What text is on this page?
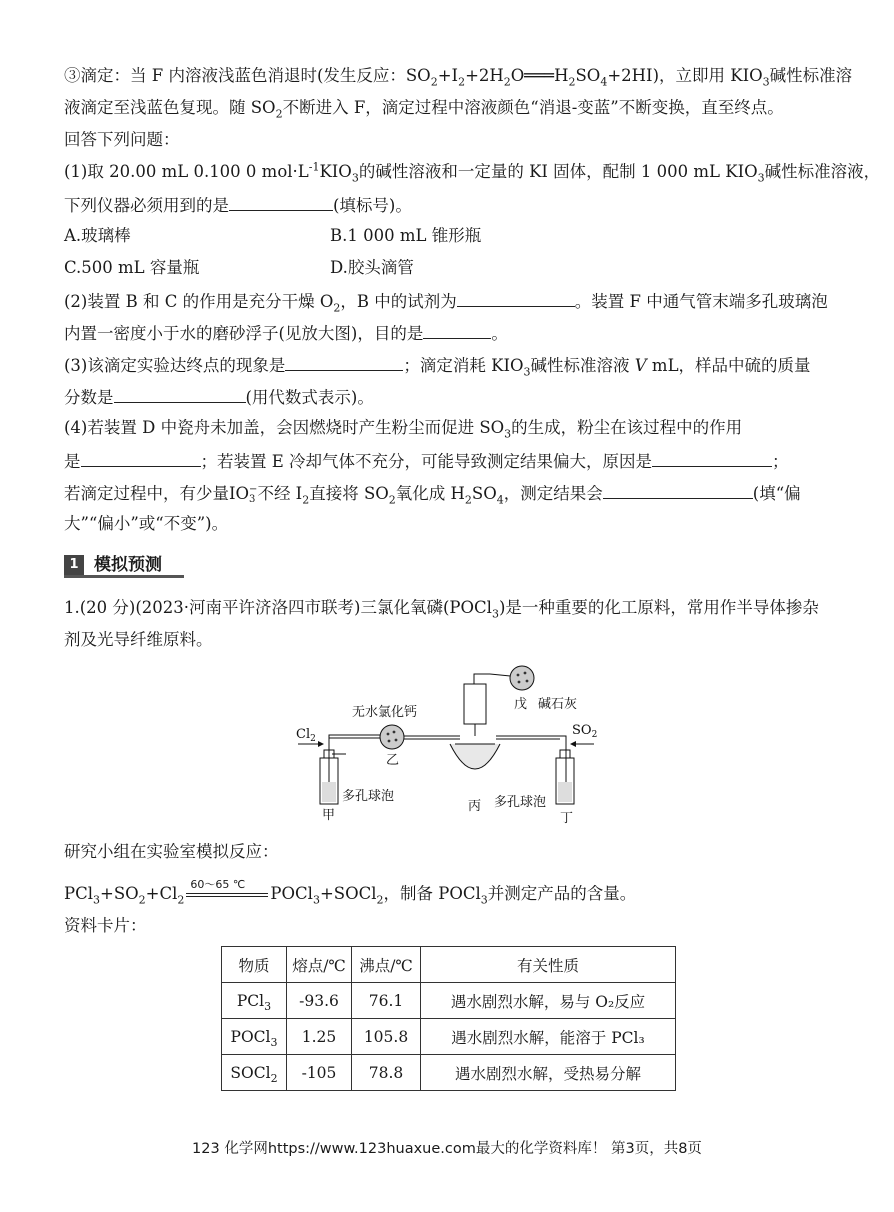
③滴定：当 F 内溶液浅蓝色消退时(发生反应：$SO_2+I_2+2H_2O═══H_2SO_4+2HI$)，立即用 $KIO_3$碱性标准溶
液滴定至浅蓝色复现。随 $SO_2$不断进入 F，滴定过程中溶液颜色“消退-变蓝”不断变换，直至终点。
回答下列问题：
(1)取 20.00 mL 0.100 0 $mol\cdot L^{-1}KIO_3$的碱性溶液和一定量的 KI 固体，配制 1 000 mL $KIO_3$碱性标准溶液，
下列仪器必须用到的是	(填标号)。
A.玻璃棒	B.1 000 mL 锥形瓶
C.500 mL 容量瓶	D.胶头滴管
(2)装置 B 和 C 的作用是充分干燥 $O_2$，B 中的试剂为	。装置 F 中通气管末端多孔玻璃泡
内置一密度小于水的磨砂浮子(见放大图)，目的是	。
(3)该滴定实验达终点的现象是	；滴定消耗 $KIO_3$碱性标准溶液 V mL，样品中硫的质量
分数是	(用代数式表示)。
(4)若装置 D 中瓷舟未加盖，会因燃烧时产生粉尘而促进 $SO_3$的生成，粉尘在该过程中的作用
是	；若装置 E 冷却气体不充分，可能导致测定结果偏大，原因是	；
若滴定过程中，有少量IO −
3 不经 $I_2$直接将 $SO_2$氧化成 $H_2SO_4$，测定结果会	(填“偏
大”“偏小”或“不变”)。
1 模拟预测
1.(20 分)(2023·河南平许济洛四市联考)三氯化氧磷(POCl$_3$)是一种重要的化工原料，常用作半导体掺杂
剂及光导纤维原料。
$Cl_2$
多孔球泡
甲
无水氯化钙
乙
丙
戊 碱石灰
$SO_2$
多孔球泡
丁
研究小组在实验室模拟反应：
$PCl_3+SO_2+Cl_2$
60～65 ℃ POCl$_3$+SOCl$_2$，制备 POCl$_3$并测定产品的含量。
资料卡片：
物质	熔点/℃	沸点/℃	有关性质
PCl$_3$	-93.6	76.1	遇水剧烈水解，易与 O₂反应
POCl$_3$	1.25	105.8	遇水剧烈水解，能溶于 PCl₃
SOCl$_2$	-105	78.8	遇水剧烈水解，受热易分解
123 化学网https://www.123huaxue.com最大的化学资料库！ 第3页，共8页
